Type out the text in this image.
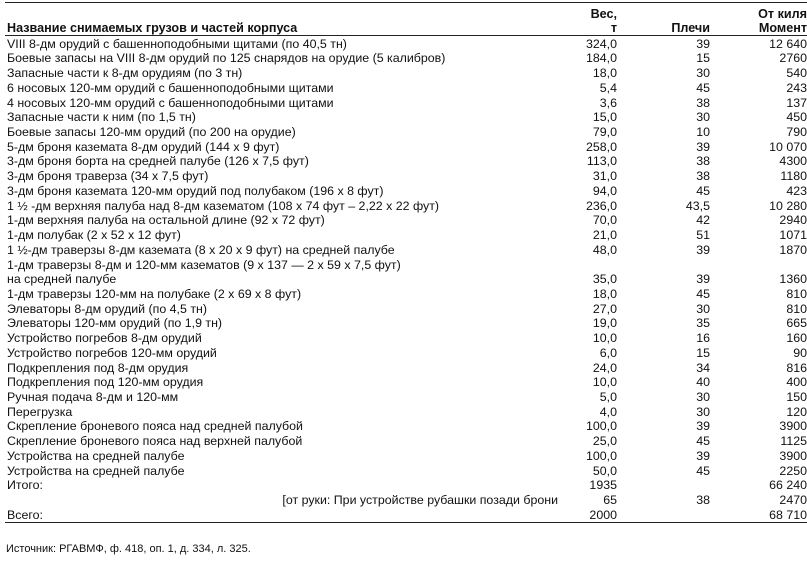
Название снимаемых грузов и частей корпуса		Вес, т	Плечи	От киля
Момент

VIII 8-дм орудий с башенноподобными щитами (по 40,5 тн)		324,0	39	12 640
Боевые запасы на VIII 8-дм орудий по 125 снарядов на орудие (5 калибров)		184,0	15	2760
Запасные части к 8-дм орудиям (по 3 тн)		18,0	30	540
6 носовых 120-мм орудий с башенноподобными щитами		5,4	45	243
4 носовых 120-мм орудий с башенноподобными щитами		3,6	38	137
Запасные части к ним (по 1,5 тн)		15,0	30	450
Боевые запасы 120-мм орудий (по 200 на орудие)		79,0	10	790
5-дм броня каземата 8-дм орудий (144 х 9 фут)		258,0	39	10 070
3-дм броня борта на средней палубе (126 х 7,5 фут)		113,0	38	4300
3-дм броня траверза (34 х 7,5 фут)		31,0	38	1180
3-дм броня каземата 120-мм орудий под полубаком (196 х 8 фут)		94,0	45	423
1 ½ -дм верхняя палуба над 8-дм казематом (108 х 74 фут – 2,22 х 22 фут)		236,0	43,5	10 280
1-дм верхняя палуба на остальной длине (92 х 72 фут)		70,0	42	2940
1-дм полубак (2 х 52 х 12 фут)		21,0	51	1071
1 ½-дм траверзы 8-дм каземата (8 х 20 х 9 фут) на средней палубе		48,0	39	1870
1-дм траверзы 8-дм и 120-мм казематов (9 х 137 — 2 х 59 х 7,5 фут)				
на средней палубе		35,0	39	1360
1-дм траверзы 120-мм на полубаке (2 х 69 х 8 фут)		18,0	45	810
Элеваторы 8-дм орудий (по 4,5 тн)		27,0	30	810
Элеваторы 120-мм орудий (по 1,9 тн)		19,0	35	665
Устройство погребов 8-дм орудий		10,0	16	160
Устройство погребов 120-мм орудий		6,0	15	90
Подкрепления под 8-дм орудия		24,0	34	816
Подкрепления под 120-мм орудия		10,0	40	400
Ручная подача 8-дм и 120-мм		5,0	30	150
Перегрузка		4,0	30	120
Скрепление броневого пояса над средней палубой		100,0	39	3900
Скрепление броневого пояса над верхней палубой		25,0	45	1125
Устройства на средней палубе		100,0	39	3900
Устройства на средней палубе		50,0	45	2250
Итого:		1935		66 240
[от руки: При устройстве рубашки позади брони		65	38	2470
Всего:		2000		68 710
Источник: РГАВМФ, ф. 418, оп. 1, д. 334, л. 325.
